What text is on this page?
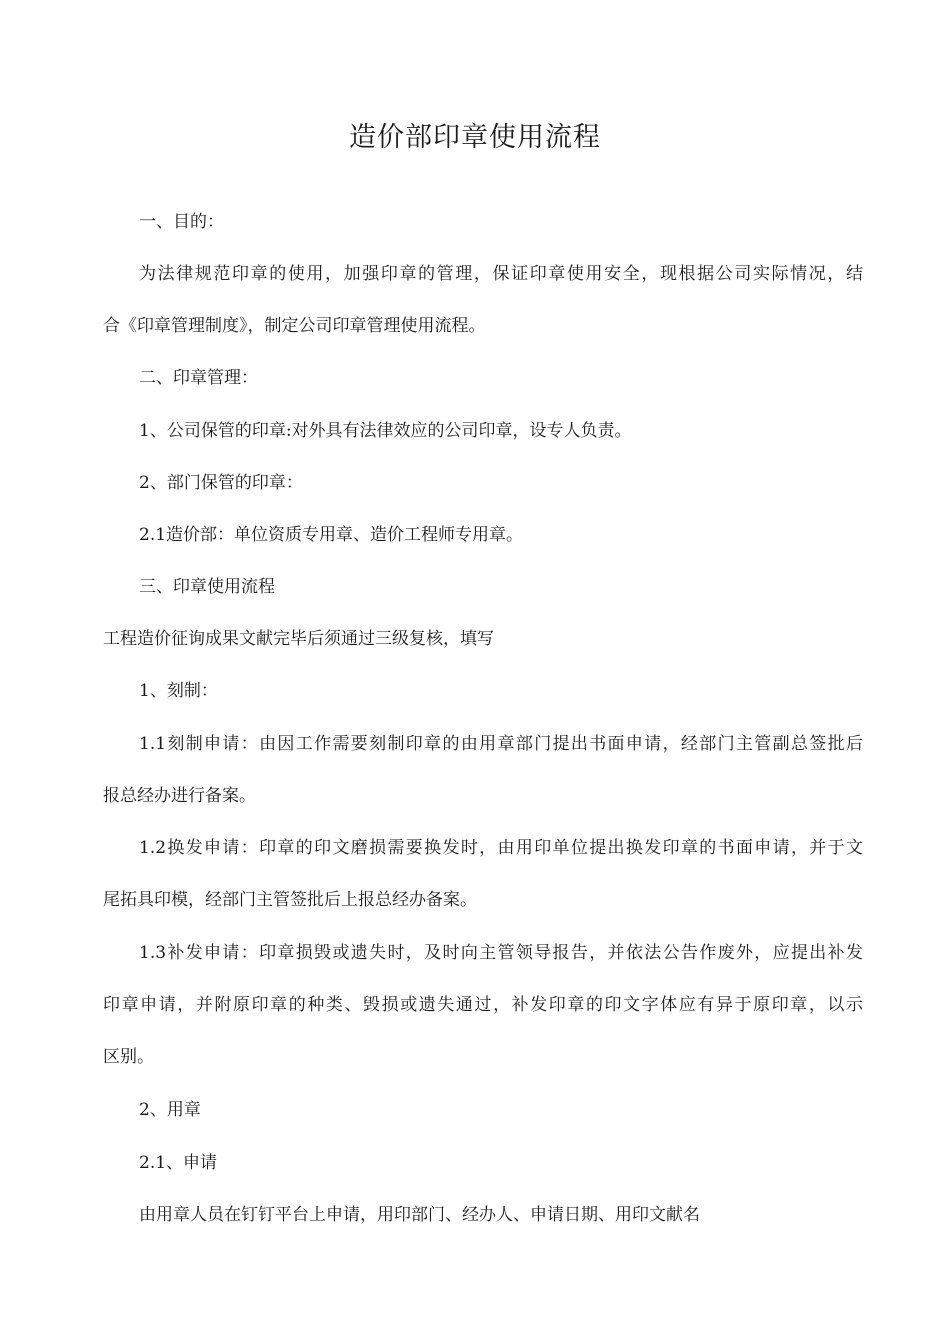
造价部印章使用流程

一、目的：

为法律规范印章的使用，加强印章的管理，保证印章使用安全，现根据公司实际情况，结

合《印章管理制度》，制定公司印章管理使用流程。

二、印章管理：

1、公司保管的印章:对外具有法律效应的公司印章，设专人负责。

2、部门保管的印章：

2.1造价部：单位资质专用章、造价工程师专用章。

三、印章使用流程

工程造价征询成果文献完毕后须通过三级复核，填写

1、刻制：

1.1刻制申请：由因工作需要刻制印章的由用章部门提出书面申请，经部门主管副总签批后

报总经办进行备案。

1.2换发申请：印章的印文磨损需要换发时，由用印单位提出换发印章的书面申请，并于文

尾拓具印模，经部门主管签批后上报总经办备案。

1.3补发申请：印章损毁或遗失时，及时向主管领导报告，并依法公告作废外，应提出补发

印章申请，并附原印章的种类、毁损或遗失通过，补发印章的印文字体应有异于原印章，以示

区别。

2、用章

2.1、申请

由用章人员在钉钉平台上申请，用印部门、经办人、申请日期、用印文献名
